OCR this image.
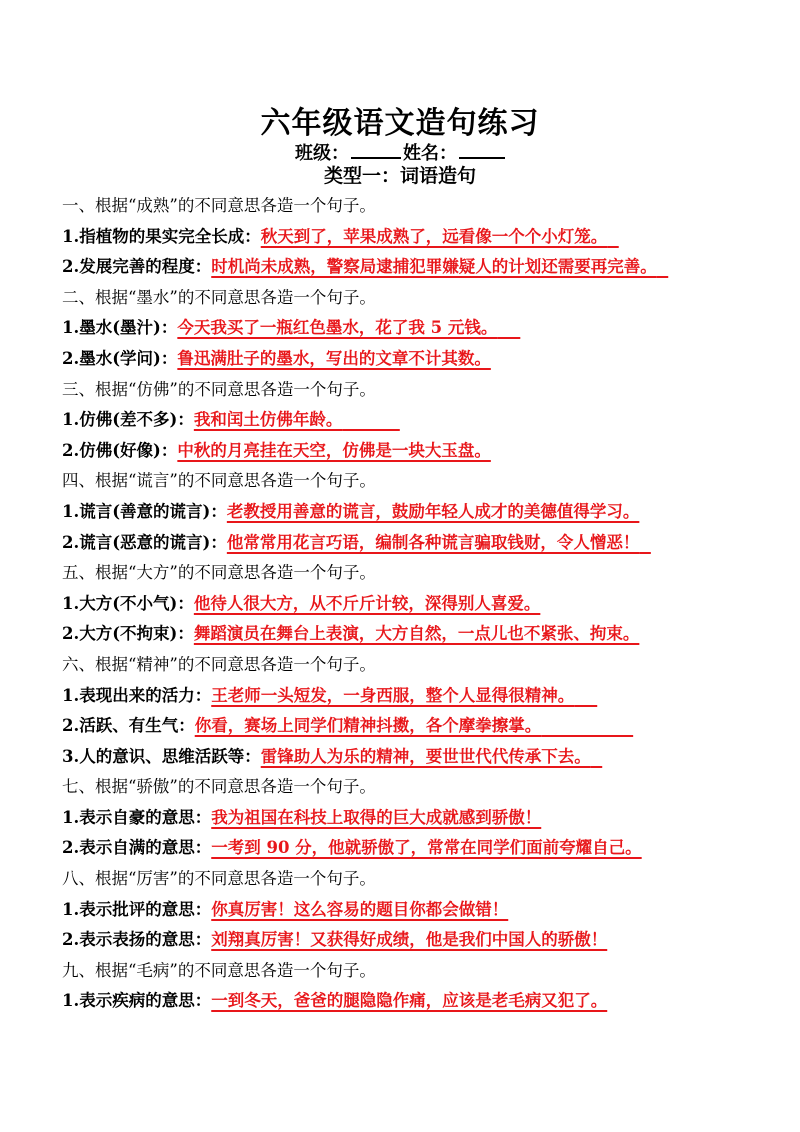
六年级语文造句练习
班级：	姓名：
类型一：词语造句
一、根据“成熟”的不同意思各造一个句子。
1.指植物的果实完全长成：秋天到了，苹果成熟了，远看像一个个小灯笼。
2.发展完善的程度：时机尚未成熟，警察局逮捕犯罪嫌疑人的计划还需要再完善。
二、根据“墨水”的不同意思各造一个句子。
1.墨水(墨汁)：今天我买了一瓶红色墨水，花了我 5 元钱。
2.墨水(学问)：鲁迅满肚子的墨水，写出的文章不计其数。
三、根据“仿佛”的不同意思各造一个句子。
1.仿佛(差不多)：我和闰土仿佛年龄。
2.仿佛(好像)：中秋的月亮挂在天空，仿佛是一块大玉盘。
四、根据“谎言”的不同意思各造一个句子。
1.谎言(善意的谎言)：老教授用善意的谎言，鼓励年轻人成才的美德值得学习。
2.谎言(恶意的谎言)：他常常用花言巧语，编制各种谎言骗取钱财，令人憎恶！
五、根据“大方”的不同意思各造一个句子。
1.大方(不小气)：他待人很大方，从不斤斤计较，深得别人喜爱。
2.大方(不拘束)：舞蹈演员在舞台上表演，大方自然，一点儿也不紧张、拘束。
六、根据“精神”的不同意思各造一个句子。
1.表现出来的活力：王老师一头短发，一身西服，整个人显得很精神。
2.活跃、有生气：你看，赛场上同学们精神抖擞，各个摩拳擦掌。
3.人的意识、思维活跃等：雷锋助人为乐的精神，要世世代代传承下去。
七、根据“骄傲”的不同意思各造一个句子。
1.表示自豪的意思：我为祖国在科技上取得的巨大成就感到骄傲！
2.表示自满的意思：一考到 90 分，他就骄傲了，常常在同学们面前夸耀自己。
八、根据“厉害”的不同意思各造一个句子。
1.表示批评的意思：你真厉害！这么容易的题目你都会做错！
2.表示表扬的意思：刘翔真厉害！又获得好成绩，他是我们中国人的骄傲！
九、根据“毛病”的不同意思各造一个句子。
1.表示疾病的意思：一到冬天，爸爸的腿隐隐作痛，应该是老毛病又犯了。
